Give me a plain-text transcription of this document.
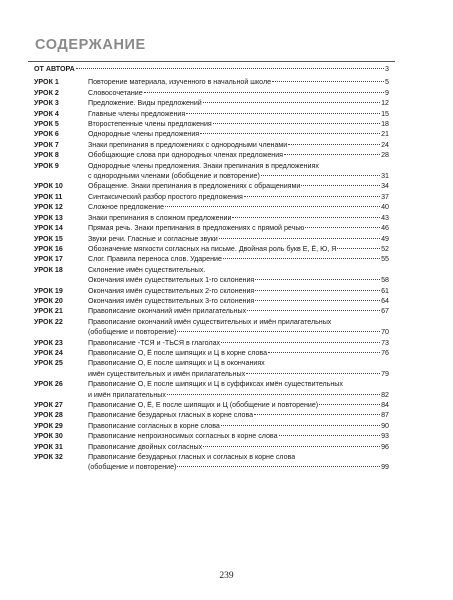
СОДЕРЖАНИЕ
ОТ АВТОРА	3
УРОК 1	Повторение материала, изученного в начальной школе	5
УРОК 2	Словосочетание	9
УРОК 3	Предложение. Виды предложений	12
УРОК 4	Главные члены предложения	15
УРОК 5	Второстепенные члены предложения	18
УРОК 6	Однородные члены предложения	21
УРОК 7	Знаки препинания в предложениях с однородными членами	24
УРОК 8	Обобщающие слова при однородных членах предложения	28
УРОК 9	Однородные члены предложения. Знаки препинания в предложениях
с однородными членами (обобщение и повторение)	31
УРОК 10	Обращение. Знаки препинания в предложениях с обращениями	34
УРОК 11	Синтаксический разбор простого предложения	37
УРОК 12	Сложное предложение	40
УРОК 13	Знаки препинания в сложном предложении	43
УРОК 14	Прямая речь. Знаки препинания в предложениях с прямой речью	46
УРОК 15	Звуки речи. Гласные и согласные звуки	49
УРОК 16	Обозначение мягкости согласных на письме. Двойная роль букв Е, Ё, Ю, Я	52
УРОК 17	Слог. Правила переноса слов. Ударение	55
УРОК 18	Склонение имён существительных.
Окончания имён существительных 1-го склонения	58
УРОК 19	Окончания имён существительных 2-го склонения	61
УРОК 20	Окончания имён существительных 3-го склонения	64
УРОК 21	Правописание окончаний имён прилагательных	67
УРОК 22	Правописание окончаний имён существительных и имён прилагательных
(обобщение и повторение)	70
УРОК 23	Правописание -ТСЯ и -ТЬСЯ в глаголах	73
УРОК 24	Правописание О, Ё после шипящих и Ц в корне слова	76
УРОК 25	Правописание О, Е после шипящих и Ц в окончаниях
имён существительных и имён прилагательных	79
УРОК 26	Правописание О, Е после шипящих и Ц в суффиксах имён существительных
и имён прилагательных	82
УРОК 27	Правописание О, Ё, Е после шипящих и Ц (обобщение и повторение)	84
УРОК 28	Правописание безударных гласных в корне слова	87
УРОК 29	Правописание согласных в корне слова	90
УРОК 30	Правописание непроизносимых согласных в корне слова	93
УРОК 31	Правописание двойных согласных	96
УРОК 32	Правописание безударных гласных и согласных в корне слова
(обобщение и повторение)	99
239
